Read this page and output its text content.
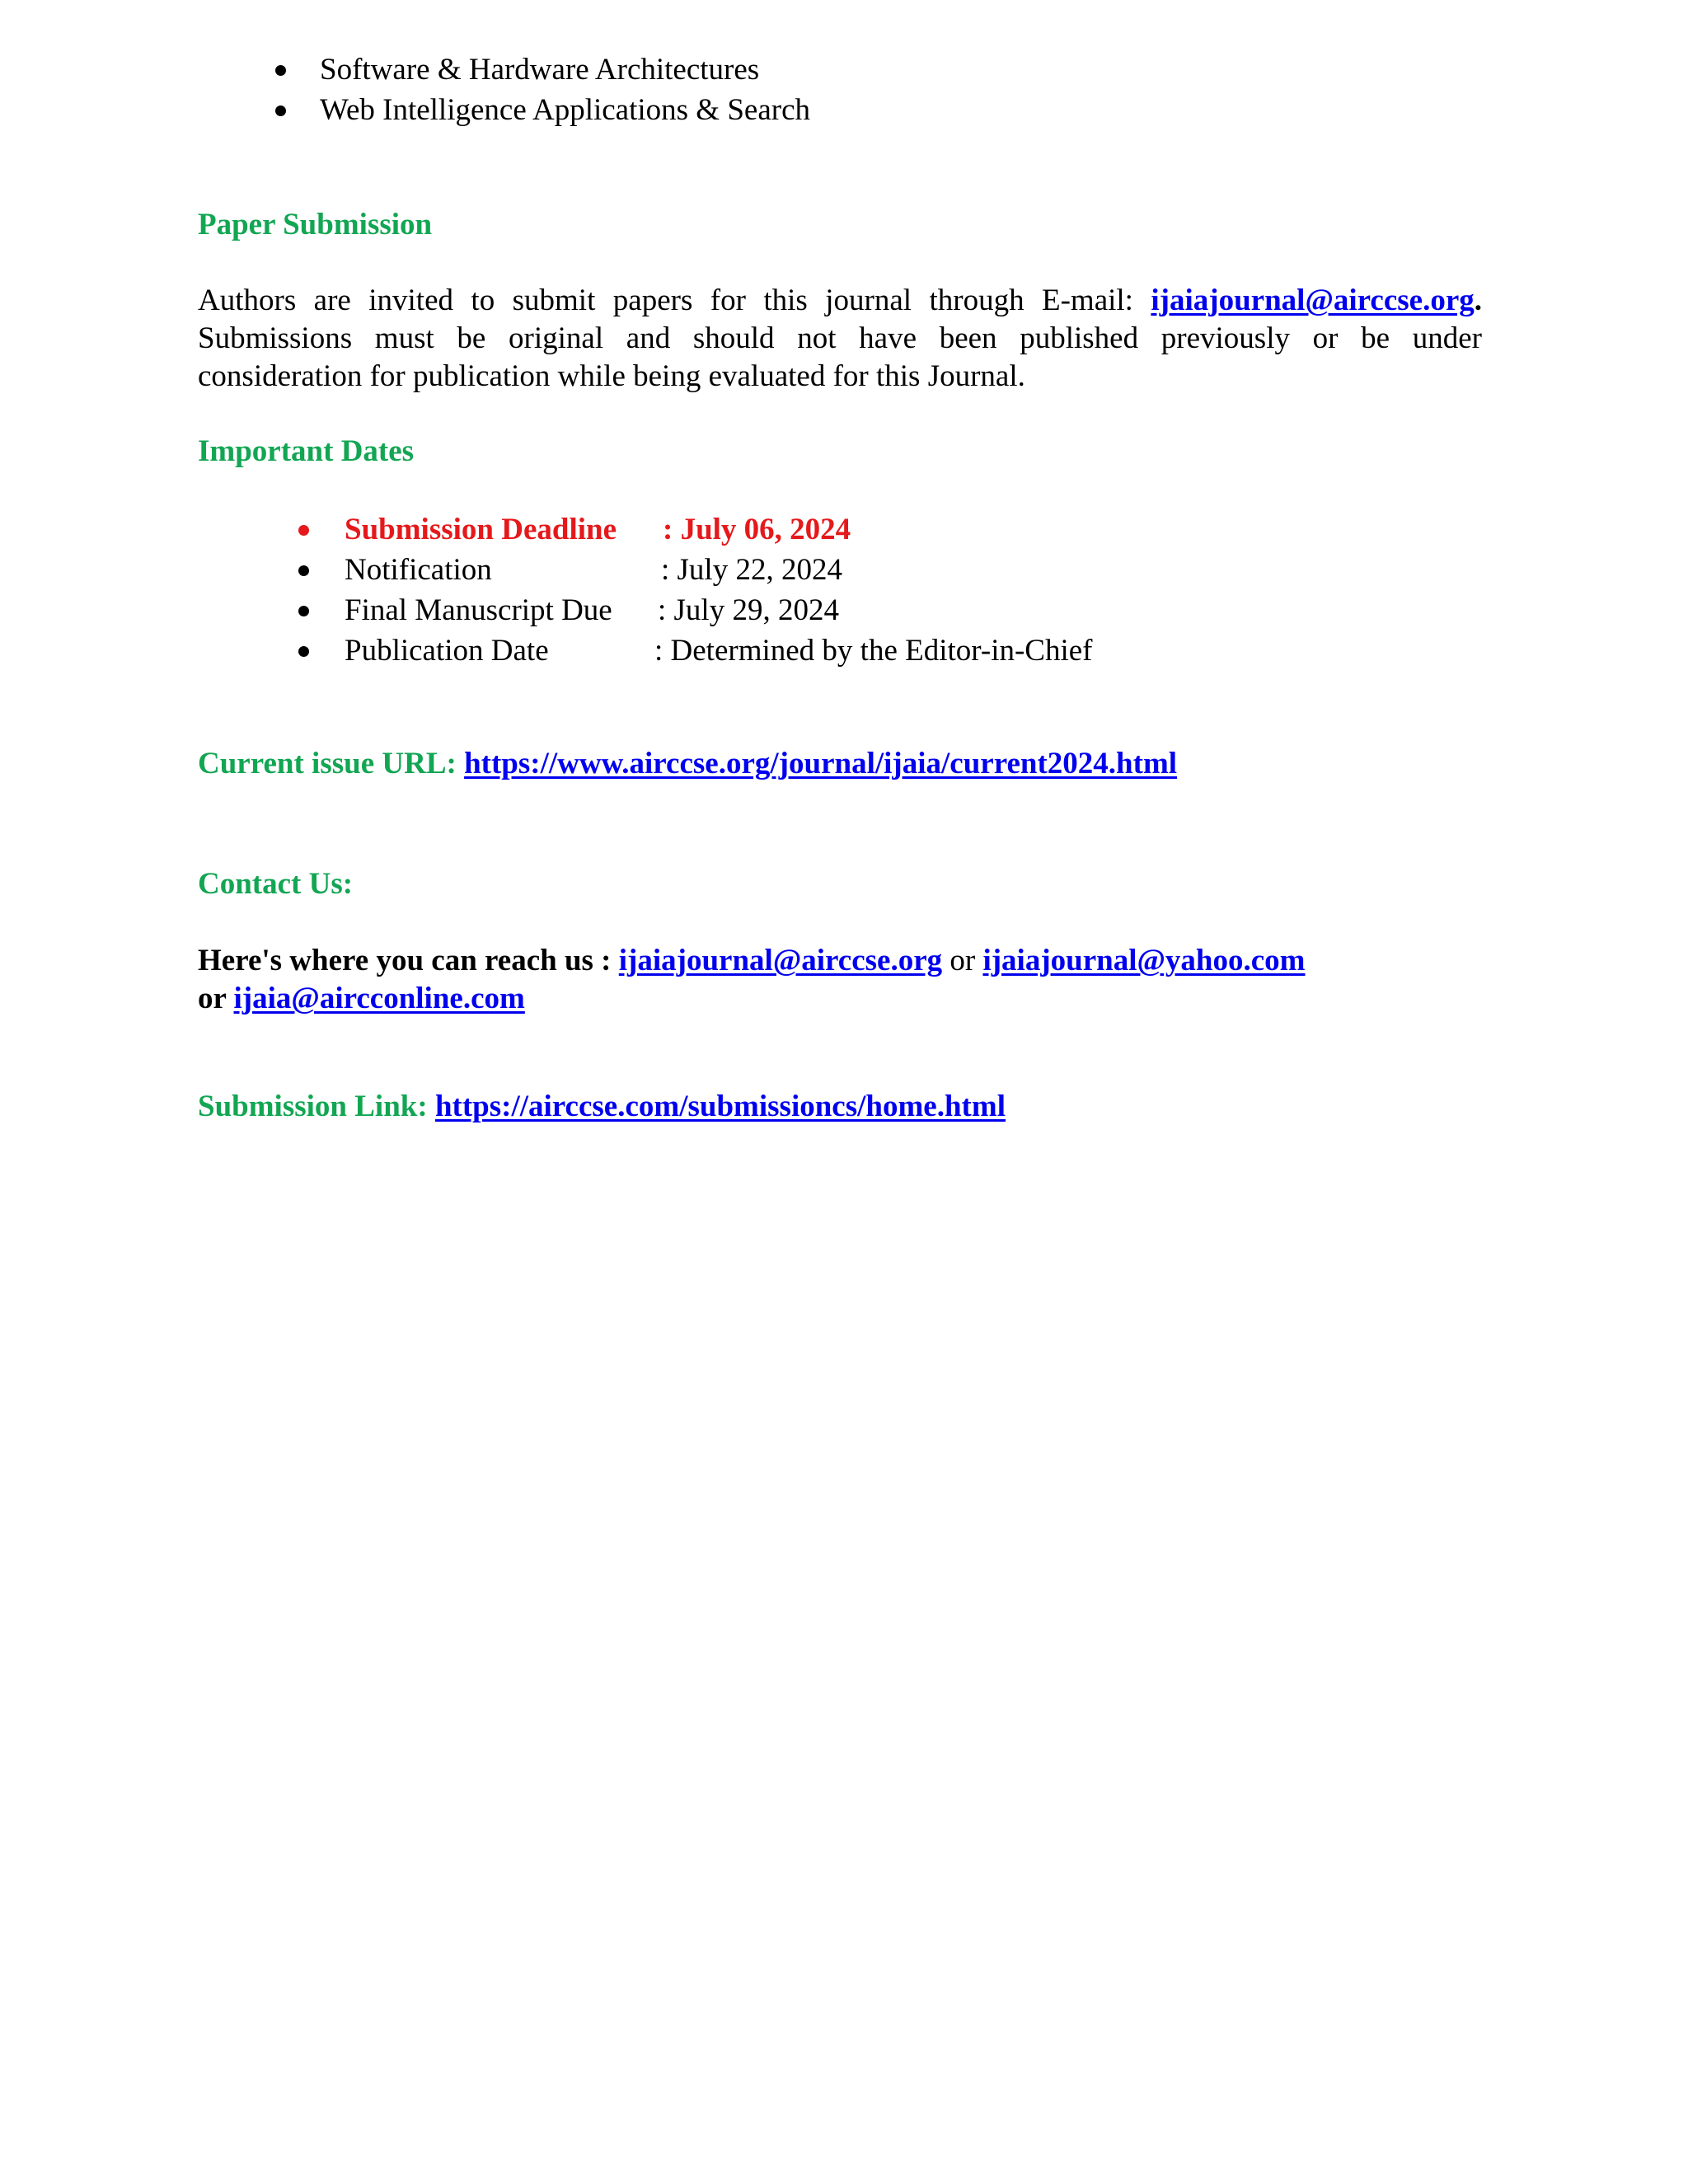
Software & Hardware Architectures
Web Intelligence Applications & Search
Paper Submission
Authors are invited to submit papers for this journal through E-mail: ijaiajournal@airccse.org.
Submissions must be original and should not have been published previously or be under
consideration for publication while being evaluated for this Journal.
Important Dates
Submission Deadline : July 06, 2024
Notification	: July 22, 2024
Final Manuscript Due : July 29, 2024
Publication Date	: Determined by the Editor-in-Chief
Current issue URL: https://www.airccse.org/journal/ijaia/current2024.html
Contact Us:
Here's where you can reach us : ijaiajournal@airccse.org or ijaiajournal@yahoo.com
or ijaia@aircconline.com
Submission Link: https://airccse.com/submissioncs/home.html
